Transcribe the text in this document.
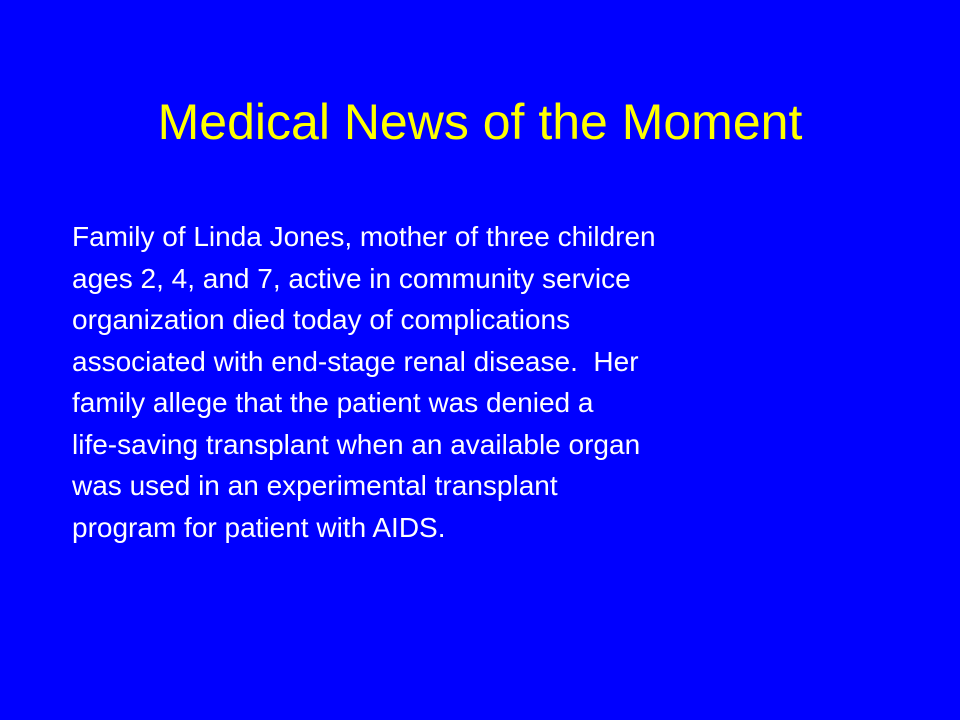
Medical News of the Moment

Family of Linda Jones, mother of three children
ages 2, 4, and 7, active in community service
organization died today of complications
associated with end-stage renal disease.  Her
family allege that the patient was denied a
life-saving transplant when an available organ
was used in an experimental transplant
program for patient with AIDS.
